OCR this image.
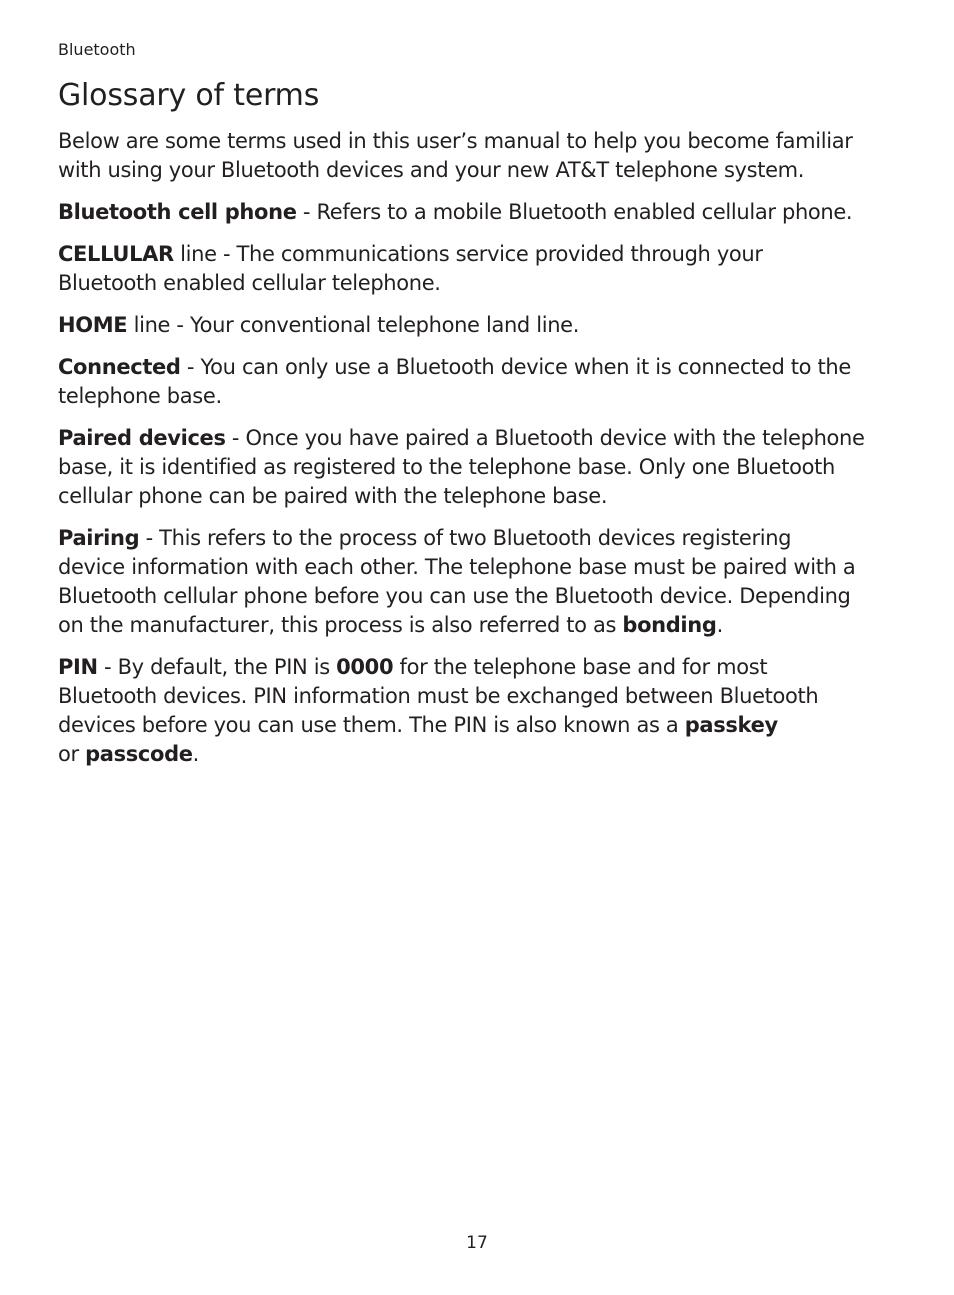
Bluetooth
Glossary of terms

Below are some terms used in this user’s manual to help you become familiar
with using your Bluetooth devices and your new AT&T telephone system.

Bluetooth cell phone - Refers to a mobile Bluetooth enabled cellular phone.

CELLULAR line - The communications service provided through your
Bluetooth enabled cellular telephone.

HOME line - Your conventional telephone land line.

Connected - You can only use a Bluetooth device when it is connected to the
telephone base.

Paired devices - Once you have paired a Bluetooth device with the telephone
base, it is identified as registered to the telephone base. Only one Bluetooth
cellular phone can be paired with the telephone base.

Pairing - This refers to the process of two Bluetooth devices registering
device information with each other. The telephone base must be paired with a
Bluetooth cellular phone before you can use the Bluetooth device. Depending
on the manufacturer, this process is also referred to as bonding.

PIN - By default, the PIN is 0000 for the telephone base and for most
Bluetooth devices. PIN information must be exchanged between Bluetooth
devices before you can use them. The PIN is also known as a passkey
or passcode.

17
